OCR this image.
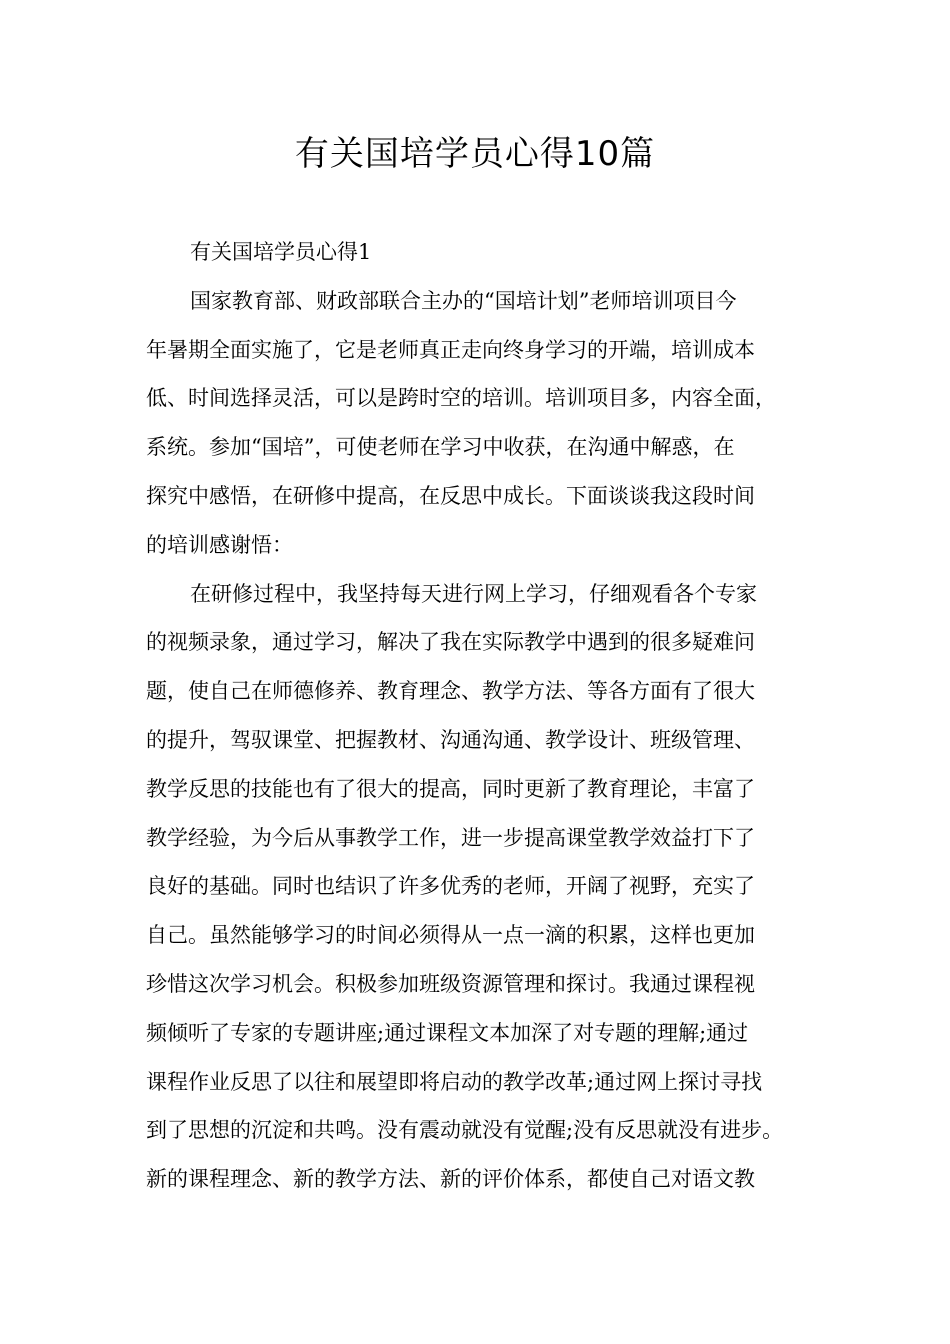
有关国培学员心得10篇

有关国培学员心得1

国家教育部、财政部联合主办的“国培计划”老师培训项目今
年暑期全面实施了，它是老师真正走向终身学习的开端，培训成本
低、时间选择灵活，可以是跨时空的培训。培训项目多，内容全面，
系统。参加“国培”，可使老师在学习中收获，在沟通中解惑，在
探究中感悟，在研修中提高，在反思中成长。下面谈谈我这段时间
的培训感谢悟：
在研修过程中，我坚持每天进行网上学习，仔细观看各个专家
的视频录象，通过学习，解决了我在实际教学中遇到的很多疑难问
题，使自己在师德修养、教育理念、教学方法、等各方面有了很大
的提升，驾驭课堂、把握教材、沟通沟通、教学设计、班级管理、
教学反思的技能也有了很大的提高，同时更新了教育理论，丰富了
教学经验，为今后从事教学工作，进一步提高课堂教学效益打下了
良好的基础。同时也结识了许多优秀的老师，开阔了视野，充实了
自己。虽然能够学习的时间必须得从一点一滴的积累，这样也更加
珍惜这次学习机会。积极参加班级资源管理和探讨。我通过课程视
频倾听了专家的专题讲座;通过课程文本加深了对专题的理解;通过
课程作业反思了以往和展望即将启动的教学改革;通过网上探讨寻找
到了思想的沉淀和共鸣。没有震动就没有觉醒;没有反思就没有进步。
新的课程理念、新的教学方法、新的评价体系，都使自己对语文教
